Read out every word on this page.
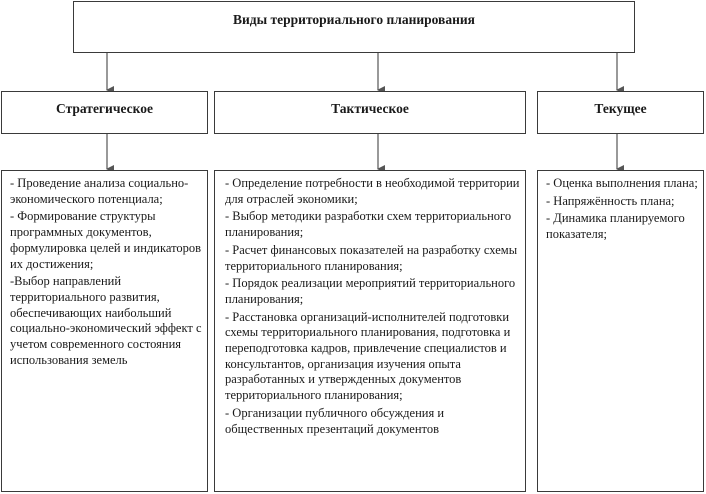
Виды территориального планирования
Стратегическое	Тактическое	Текущее
- Проведение анализа социально-экономического потенциала;
- Формирование структуры программных документов, формулировка целей и индикаторов их достижения;
-Выбор направлений территориального развития, обеспечивающих наибольший социально-экономический эффект с учетом современного состояния использования земель
- Определение потребности в необходимой территории для отраслей экономики;
- Выбор методики разработки схем территориального планирования;
- Расчет финансовых показателей на разработку схемы территориального планирования;
- Порядок реализации мероприятий территориального планирования;
- Расстановка организаций-исполнителей подготовки схемы территориального планирования, подготовка и переподготовка кадров, привлечение специалистов и консультантов, организация изучения опыта разработанных и утвержденных документов территориального планирования;
- Организации публичного обсуждения и общественных презентаций документов
- Оценка выполнения плана;
- Напряжённость плана;
- Динамика планируемого показателя;
